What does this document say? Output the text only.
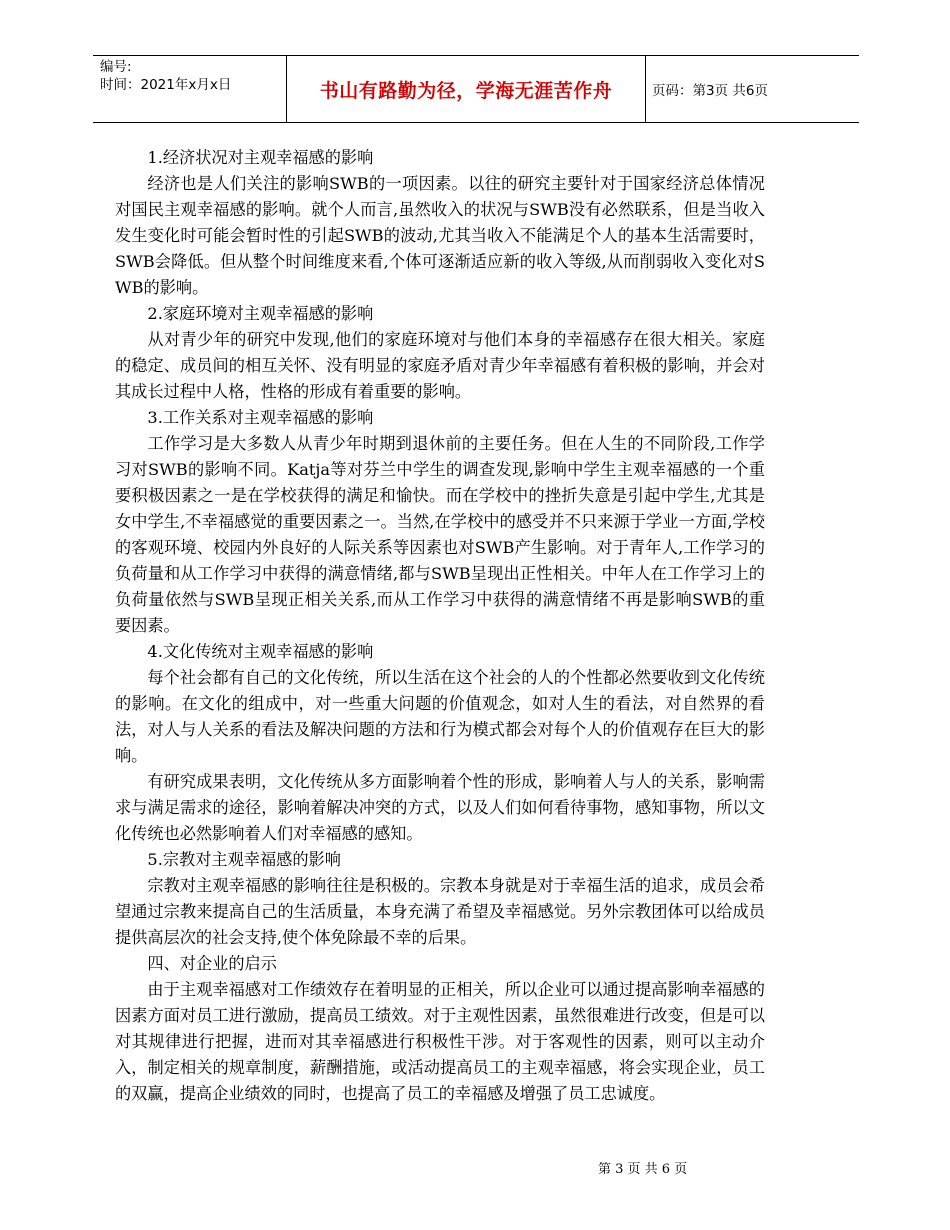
编号:
时间：2021年x月x日	书山有路勤为径，学海无涯苦作舟	页码：第3页 共6页

1.经济状况对主观幸福感的影响

经济也是人们关注的影响SWB的一项因素。以往的研究主要针对于国家经济总体情况对国民主观幸福感的影响。就个人而言,虽然收入的状况与SWB没有必然联系，但是当收入发生变化时可能会暂时性的引起SWB的波动,尤其当收入不能满足个人的基本生活需要时， SWB会降低。但从整个时间维度来看,个体可逐渐适应新的收入等级,从而削弱收入变化对SWB的影响。

2.家庭环境对主观幸福感的影响

从对青少年的研究中发现,他们的家庭环境对与他们本身的幸福感存在很大相关。家庭的稳定、成员间的相互关怀、没有明显的家庭矛盾对青少年幸福感有着积极的影响，并会对其成长过程中人格，性格的形成有着重要的影响。

3.工作关系对主观幸福感的影响

工作学习是大多数人从青少年时期到退休前的主要任务。但在人生的不同阶段,工作学习对SWB的影响不同。Katja等对芬兰中学生的调查发现,影响中学生主观幸福感的一个重要积极因素之一是在学校获得的满足和愉快。而在学校中的挫折失意是引起中学生,尤其是女中学生,不幸福感觉的重要因素之一。当然,在学校中的感受并不只来源于学业一方面,学校的客观环境、校园内外良好的人际关系等因素也对SWB产生影响。对于青年人,工作学习的负荷量和从工作学习中获得的满意情绪,都与SWB呈现出正性相关。中年人在工作学习上的负荷量依然与SWB呈现正相关关系,而从工作学习中获得的满意情绪不再是影响SWB的重要因素。

4.文化传统对主观幸福感的影响

每个社会都有自己的文化传统，所以生活在这个社会的人的个性都必然要收到文化传统的影响。在文化的组成中，对一些重大问题的价值观念，如对人生的看法，对自然界的看法，对人与人关系的看法及解决问题的方法和行为模式都会对每个人的价值观存在巨大的影响。

有研究成果表明，文化传统从多方面影响着个性的形成，影响着人与人的关系，影响需求与满足需求的途径，影响着解决冲突的方式，以及人们如何看待事物，感知事物，所以文化传统也必然影响着人们对幸福感的感知。

5.宗教对主观幸福感的影响

宗教对主观幸福感的影响往往是积极的。宗教本身就是对于幸福生活的追求，成员会希望通过宗教来提高自己的生活质量，本身充满了希望及幸福感觉。另外宗教团体可以给成员提供高层次的社会支持,使个体免除最不幸的后果。

四、对企业的启示

由于主观幸福感对工作绩效存在着明显的正相关，所以企业可以通过提高影响幸福感的因素方面对员工进行激励，提高员工绩效。对于主观性因素，虽然很难进行改变，但是可以对其规律进行把握，进而对其幸福感进行积极性干涉。对于客观性的因素，则可以主动介入，制定相关的规章制度，薪酬措施，或活动提高员工的主观幸福感，将会实现企业，员工的双赢，提高企业绩效的同时，也提高了员工的幸福感及增强了员工忠诚度。

第 3 页 共 6 页
